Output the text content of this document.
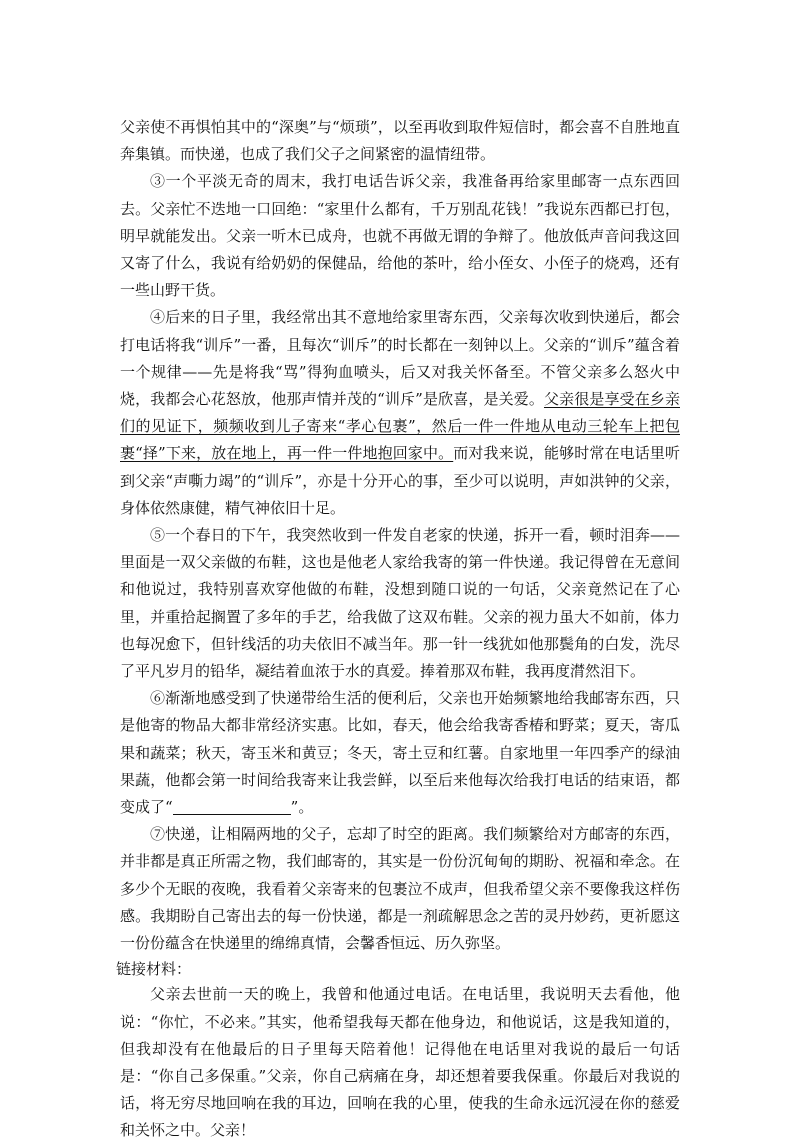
父亲使不再惧怕其中的“深奥”与“烦琐”，以至再收到取件短信时，都会喜不自胜地直奔集镇。而快递，也成了我们父子之间紧密的温情纽带。

③一个平淡无奇的周末，我打电话告诉父亲，我准备再给家里邮寄一点东西回去。父亲忙不迭地一口回绝：“家里什么都有，千万别乱花钱！”我说东西都已打包，明早就能发出。父亲一听木已成舟，也就不再做无谓的争辩了。他放低声音问我这回又寄了什么，我说有给奶奶的保健品，给他的茶叶，给小侄女、小侄子的烧鸡，还有一些山野干货。

④后来的日子里，我经常出其不意地给家里寄东西，父亲每次收到快递后，都会打电话将我“训斥”一番，且每次“训斥”的时长都在一刻钟以上。父亲的“训斥”蕴含着一个规律——先是将我“骂”得狗血喷头，后又对我关怀备至。不管父亲多么怒火中烧，我都会心花怒放，他那声情并茂的“训斥”是欣喜，是关爱。父亲很是享受在乡亲们的见证下，频频收到儿子寄来“孝心包裹”，然后一件一件地从电动三轮车上把包裹“择”下来，放在地上，再一件一件地抱回家中。而对我来说，能够时常在电话里听到父亲“声嘶力竭”的“训斥”，亦是十分开心的事，至少可以说明，声如洪钟的父亲，身体依然康健，精气神依旧十足。

⑤一个春日的下午，我突然收到一件发自老家的快递，拆开一看，顿时泪奔——里面是一双父亲做的布鞋，这也是他老人家给我寄的第一件快递。我记得曾在无意间和他说过，我特别喜欢穿他做的布鞋，没想到随口说的一句话，父亲竟然记在了心里，并重拾起搁置了多年的手艺，给我做了这双布鞋。父亲的视力虽大不如前，体力也每况愈下，但针线活的功夫依旧不减当年。那一针一线犹如他那鬓角的白发，洗尽了平凡岁月的铅华，凝结着血浓于水的真爱。捧着那双布鞋，我再度潸然泪下。

⑥渐渐地感受到了快递带给生活的便利后，父亲也开始频繁地给我邮寄东西，只是他寄的物品大都非常经济实惠。比如，春天，他会给我寄香椿和野菜；夏天，寄瓜果和蔬菜；秋天，寄玉米和黄豆；冬天，寄土豆和红薯。自家地里一年四季产的绿油果蔬，他都会第一时间给我寄来让我尝鲜，以至后来他每次给我打电话的结束语，都变成了“	”。

⑦快递，让相隔两地的父子，忘却了时空的距离。我们频繁给对方邮寄的东西，并非都是真正所需之物，我们邮寄的，其实是一份份沉甸甸的期盼、祝福和牵念。在多少个无眠的夜晚，我看着父亲寄来的包裹泣不成声，但我希望父亲不要像我这样伤感。我期盼自己寄出去的每一份快递，都是一剂疏解思念之苦的灵丹妙药，更祈愿这一份份蕴含在快递里的绵绵真情，会馨香恒远、历久弥坚。

链接材料：

父亲去世前一天的晚上，我曾和他通过电话。在电话里，我说明天去看他，他说：“你忙，不必来。”其实，他希望我每天都在他身边，和他说话，这是我知道的，但我却没有在他最后的日子里每天陪着他！记得他在电话里对我说的最后一句话是：“你自己多保重。”父亲，你自己病痛在身，却还想着要我保重。你最后对我说的话，将无穷尽地回响在我的耳边，回响在我的心里，使我的生命永远沉浸在你的慈爱和关怀之中。父亲！
